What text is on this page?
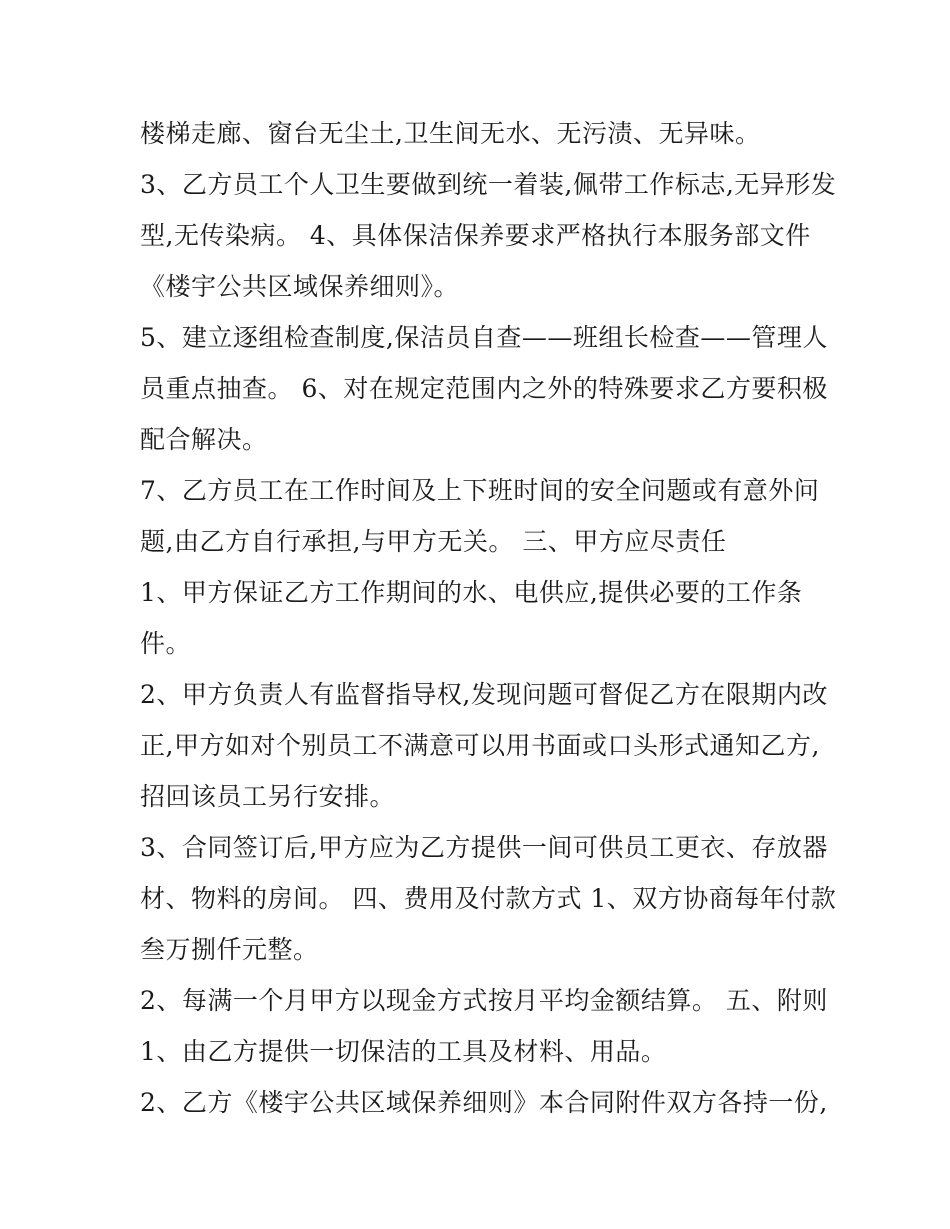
楼梯走廊、窗台无尘土,卫生间无水、无污渍、无异味。
3、乙方员工个人卫生要做到统一着装,佩带工作标志,无异形发
型,无传染病。 4、具体保洁保养要求严格执行本服务部文件
《楼宇公共区域保养细则》。
5、建立逐组检查制度,保洁员自查——班组长检查——管理人
员重点抽查。 6、对在规定范围内之外的特殊要求乙方要积极
配合解决。
7、乙方员工在工作时间及上下班时间的安全问题或有意外问
题,由乙方自行承担,与甲方无关。 三、甲方应尽责任
1、甲方保证乙方工作期间的水、电供应,提供必要的工作条
件。
2、甲方负责人有监督指导权,发现问题可督促乙方在限期内改
正,甲方如对个别员工不满意可以用书面或口头形式通知乙方,
招回该员工另行安排。
3、合同签订后,甲方应为乙方提供一间可供员工更衣、存放器
材、物料的房间。 四、费用及付款方式 1、双方协商每年付款
叁万捌仟元整。
2、每满一个月甲方以现金方式按月平均金额结算。 五、附则
1、由乙方提供一切保洁的工具及材料、用品。
2、乙方《楼宇公共区域保养细则》本合同附件双方各持一份,
